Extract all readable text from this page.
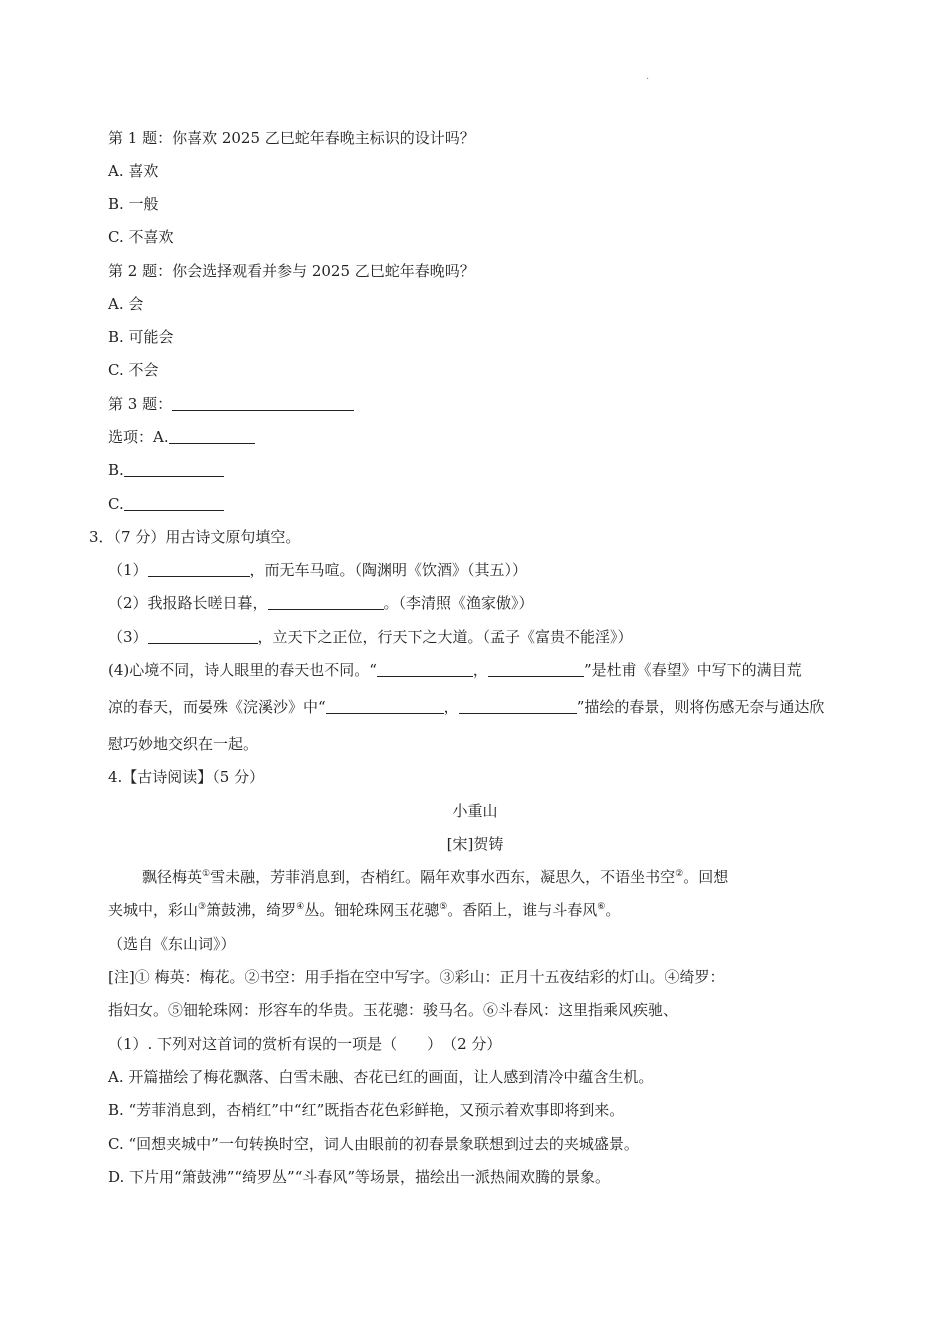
·
第 1 题：你喜欢 2025 乙巳蛇年春晚主标识的设计吗？
A. 喜欢
B. 一般
C. 不喜欢
第 2 题：你会选择观看并参与 2025 乙巳蛇年春晚吗？
A. 会
B. 可能会
C. 不会
第 3 题：
选项：A.
B.
C.
3．（7 分）用古诗文原句填空。
（1）	，而无车马喧。（陶渊明《饮酒》（其五））
（2）我报路长嗟日暮，	。（李清照《渔家傲》）
（3）	，立天下之正位，行天下之大道。（孟子《富贵不能淫》）
(4)心境不同，诗人眼里的春天也不同。“	，	”是杜甫《春望》中写下的满目荒
凉的春天，而晏殊《浣溪沙》中“	，	”描绘的春景，则将伤感无奈与通达欣
慰巧妙地交织在一起。
4.【古诗阅读】（5 分）
小重山
[宋]贺铸
飘径梅英①雪未融，芳菲消息到，杏梢红。隔年欢事水西东，凝思久，不语坐书空②。回想
夹城中，彩山③箫鼓沸，绮罗④丛。钿轮珠网玉花骢⑤。香陌上，谁与斗春风⑥。
（选自《东山词》）
[注]① 梅英：梅花。②书空：用手指在空中写字。③彩山：正月十五夜结彩的灯山。④绮罗：
指妇女。⑤钿轮珠网：形容车的华贵。玉花骢：骏马名。⑥斗春风：这里指乘风疾驰、
（1）. 下列对这首词的赏析有误的一项是（　　）　（2 分）
A. 开篇描绘了梅花飘落、白雪未融、杏花已红的画面，让人感到清冷中蕴含生机。
B. “芳菲消息到，杏梢红”中“红”既指杏花色彩鲜艳，又预示着欢事即将到来。
C. “回想夹城中”一句转换时空，词人由眼前的初春景象联想到过去的夹城盛景。
D. 下片用“箫鼓沸”“绮罗丛”“斗春风”等场景，描绘出一派热闹欢腾的景象。
